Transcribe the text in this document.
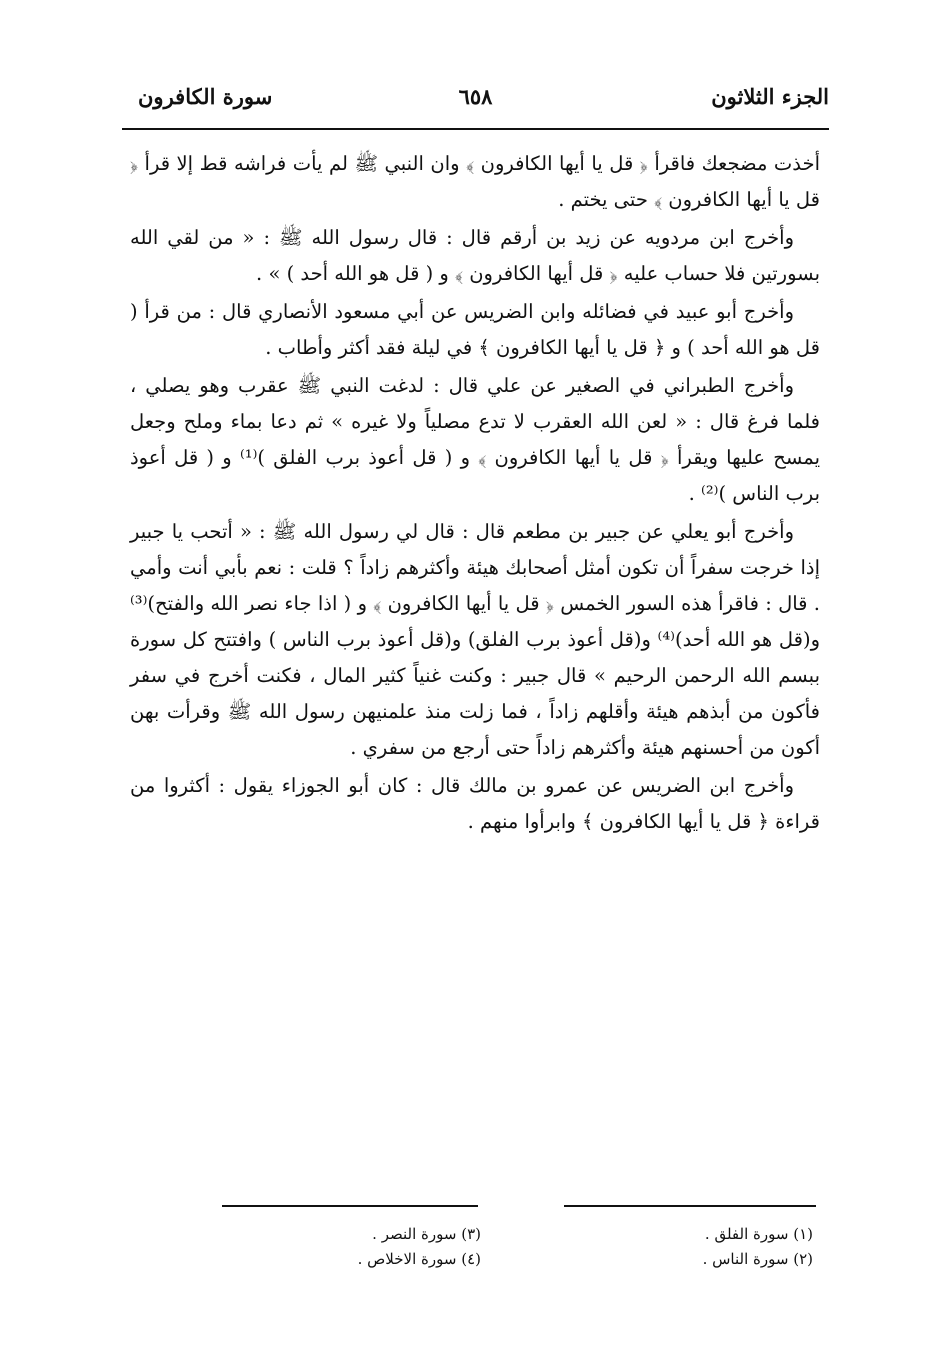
الجزء الثلاثون
٦٥٨
سورة الكافرون

أخذت مضجعك فاقرأ ﴿ قل يا أيها الكافرون ﴾ وان النبي ﷺ لم يأت فراشه قط إلا قرأ ﴿ قل يا أيها الكافرون ﴾ حتى يختم .

وأخرج ابن مردويه عن زيد بن أرقم قال : قال رسول الله ﷺ : « من لقي الله بسورتين فلا حساب عليه ﴿ قل أيها الكافرون ﴾ و ( قل هو الله أحد ) » .

وأخرج أبو عبيد في فضائله وابن الضريس عن أبي مسعود الأنصاري قال : من قرأ ( قل هو الله أحد ) و ﴿ قل يا أيها الكافرون ﴾ في ليلة فقد أكثر وأطاب .

وأخرج الطبراني في الصغير عن علي قال : لدغت النبي ﷺ عقرب وهو يصلي ، فلما فرغ قال : « لعن الله العقرب لا تدع مصلياً ولا غيره » ثم دعا بماء وملح وجعل يمسح عليها ويقرأ ﴿ قل يا أيها الكافرون ﴾ و ( قل أعوذ برب الفلق )⁽¹⁾ و ( قل أعوذ برب الناس )⁽²⁾ .

وأخرج أبو يعلي عن جبير بن مطعم قال : قال لي رسول الله ﷺ : « أتحب يا جبير إذا خرجت سفراً أن تكون أمثل أصحابك هيئة وأكثرهم زاداً ؟ قلت : نعم بأبي أنت وأمي . قال : فاقرأ هذه السور الخمس ﴿ قل يا أيها الكافرون ﴾ و ( اذا جاء نصر الله والفتح)⁽³⁾ و(قل هو الله أحد)⁽⁴⁾ و(قل أعوذ برب الفلق) و(قل أعوذ برب الناس ) وافتتح كل سورة ببسم الله الرحمن الرحيم » قال جبير : وكنت غنياً كثير المال ، فكنت أخرج في سفر فأكون من أبذهم هيئة وأقلهم زاداً ، فما زلت منذ علمنيهن رسول الله ﷺ وقرأت بهن أكون من أحسنهم هيئة وأكثرهم زاداً حتى أرجع من سفري .

وأخرج ابن الضريس عن عمرو بن مالك قال : كان أبو الجوزاء يقول : أكثروا من قراءة ﴿ قل يا أيها الكافرون ﴾ وابرأوا منهم .

(١) سورة الفلق .
(٢) سورة الناس .
(٣) سورة النصر .
(٤) سورة الاخلاص .
